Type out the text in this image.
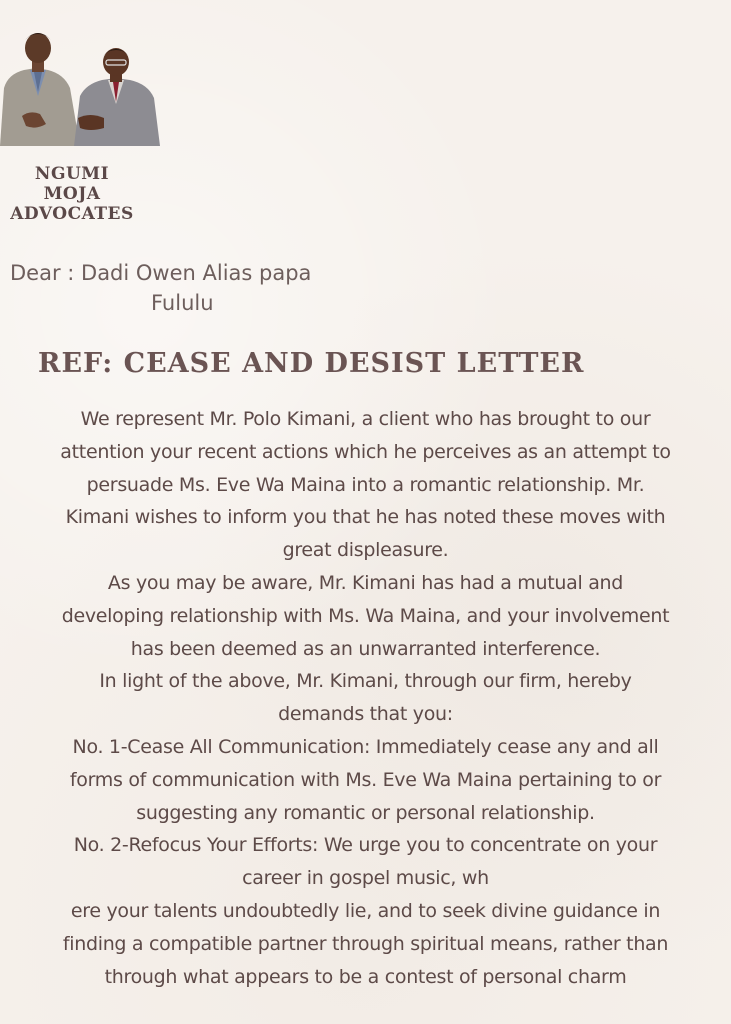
NGUMI
MOJA
ADVOCATES
Dear : Dadi Owen Alias papa
Fululu
REF: CEASE AND DESIST LETTER
We represent Mr. Polo Kimani, a client who has brought to our
attention your recent actions which he perceives as an attempt to
persuade Ms. Eve Wa Maina into a romantic relationship. Mr.
Kimani wishes to inform you that he has noted these moves with
great displeasure.
As you may be aware, Mr. Kimani has had a mutual and
developing relationship with Ms. Wa Maina, and your involvement
has been deemed as an unwarranted interference.
In light of the above, Mr. Kimani, through our firm, hereby
demands that you:
No. 1-Cease All Communication: Immediately cease any and all
forms of communication with Ms. Eve Wa Maina pertaining to or
suggesting any romantic or personal relationship.
No. 2-Refocus Your Efforts: We urge you to concentrate on your
career in gospel music, wh
ere your talents undoubtedly lie, and to seek divine guidance in
finding a compatible partner through spiritual means, rather than
through what appears to be a contest of personal charm
